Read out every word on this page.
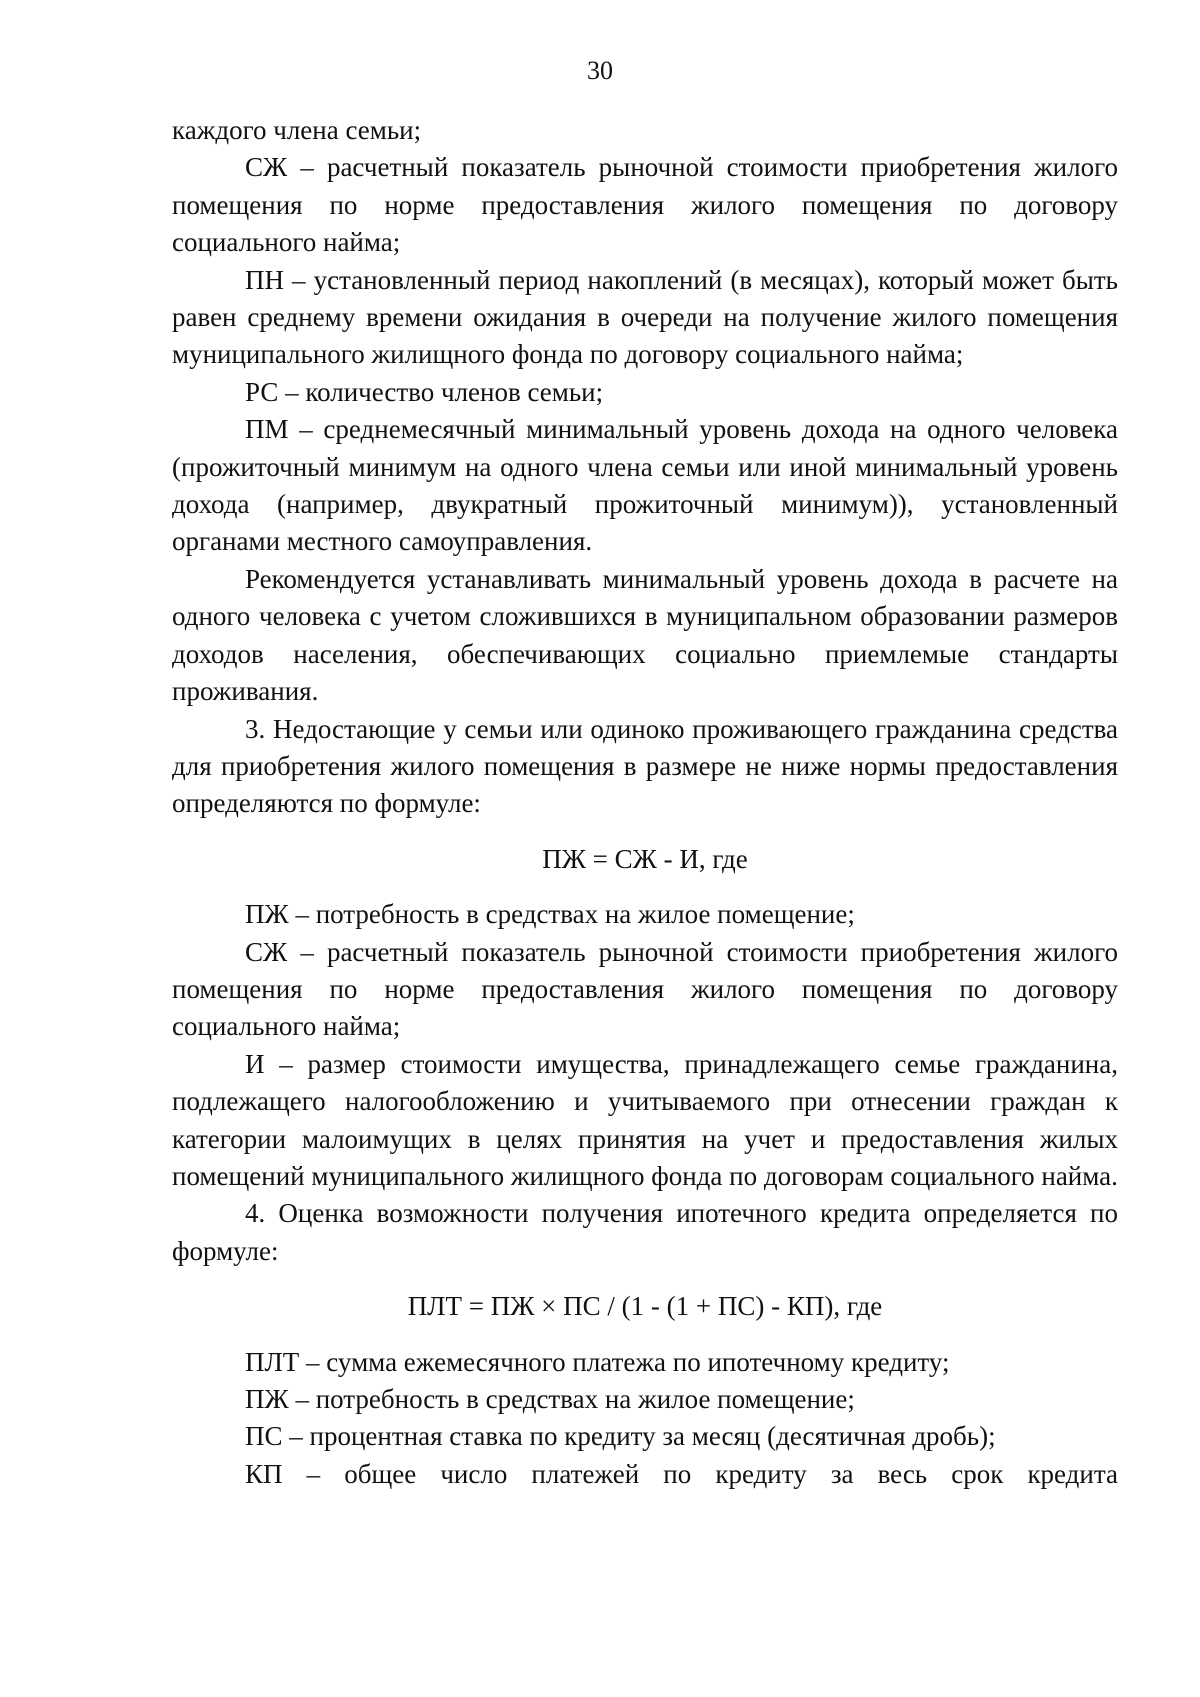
30

каждого члена семьи;

СЖ – расчетный показатель рыночной стоимости приобретения жилого помещения по норме предоставления жилого помещения по договору социального найма;

ПН – установленный период накоплений (в месяцах), который может быть равен среднему времени ожидания в очереди на получение жилого помещения муниципального жилищного фонда по договору социального найма;

РС – количество членов семьи;

ПМ – среднемесячный минимальный уровень дохода на одного человека (прожиточный минимум на одного члена семьи или иной минимальный уровень дохода (например, двукратный прожиточный минимум)), установленный органами местного самоуправления.

Рекомендуется устанавливать минимальный уровень дохода в расчете на одного человека с учетом сложившихся в муниципальном образовании размеров доходов населения, обеспечивающих социально приемлемые стандарты проживания.

3. Недостающие у семьи или одиноко проживающего гражданина средства для приобретения жилого помещения в размере не ниже нормы предоставления определяются по формуле:

ПЖ = СЖ - И, где

ПЖ – потребность в средствах на жилое помещение;

СЖ – расчетный показатель рыночной стоимости приобретения жилого помещения по норме предоставления жилого помещения по договору социального найма;

И – размер стоимости имущества, принадлежащего семье гражданина, подлежащего налогообложению и учитываемого при отнесении граждан к категории малоимущих в целях принятия на учет и предоставления жилых помещений муниципального жилищного фонда по договорам социального найма.

4. Оценка возможности получения ипотечного кредита определяется по формуле:

ПЛТ = ПЖ × ПС / (1 - (1 + ПС) - КП), где

ПЛТ – сумма ежемесячного платежа по ипотечному кредиту;

ПЖ – потребность в средствах на жилое помещение;

ПС – процентная ставка по кредиту за месяц (десятичная дробь);

КП – общее число платежей по кредиту за весь срок кредита
